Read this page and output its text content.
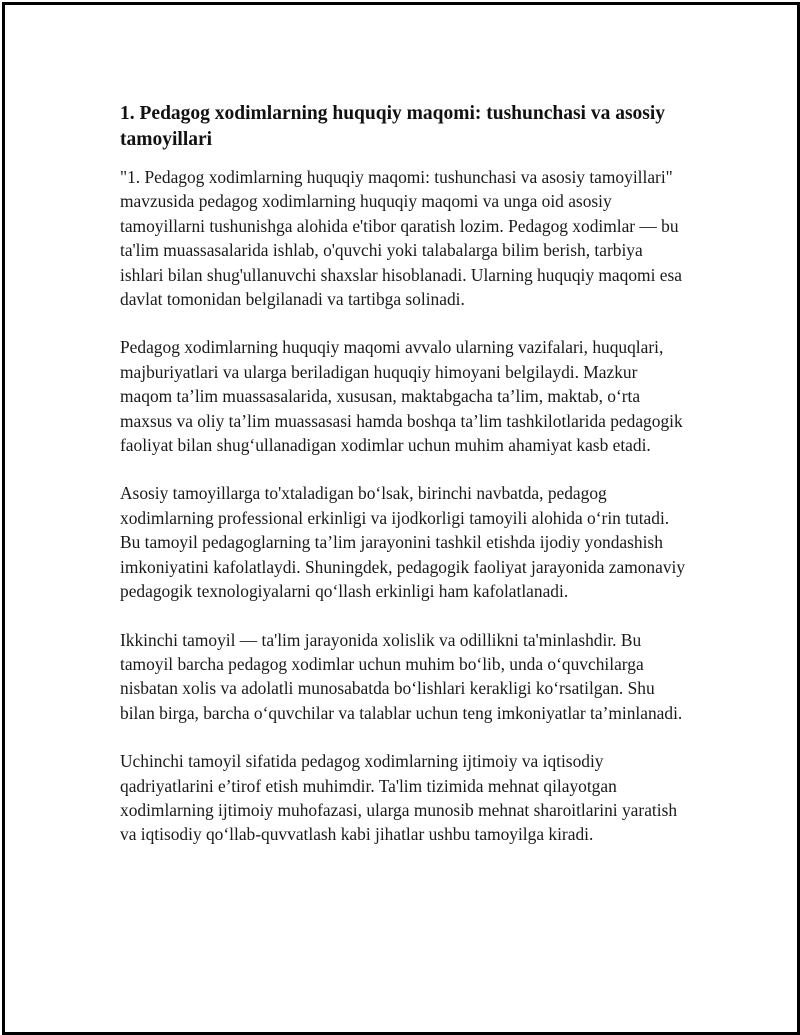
1. Pedagog xodimlarning huquqiy maqomi: tushunchasi va asosiy tamoyillari

"1. Pedagog xodimlarning huquqiy maqomi: tushunchasi va asosiy tamoyillari" mavzusida pedagog xodimlarning huquqiy maqomi va unga oid asosiy tamoyillarni tushunishga alohida e'tibor qaratish lozim. Pedagog xodimlar — bu ta'lim muassasalarida ishlab, o'quvchi yoki talabalarga bilim berish, tarbiya ishlari bilan shug'ullanuvchi shaxslar hisoblanadi. Ularning huquqiy maqomi esa davlat tomonidan belgilanadi va tartibga solinadi.

Pedagog xodimlarning huquqiy maqomi avvalo ularning vazifalari, huquqlari, majburiyatlari va ularga beriladigan huquqiy himoyani belgilaydi. Mazkur maqom ta’lim muassasalarida, xususan, maktabgacha ta’lim, maktab, o‘rta maxsus va oliy ta’lim muassasasi hamda boshqa ta’lim tashkilotlarida pedagogik faoliyat bilan shug‘ullanadigan xodimlar uchun muhim ahamiyat kasb etadi.

Asosiy tamoyillarga to'xtaladigan bo‘lsak, birinchi navbatda, pedagog xodimlarning professional erkinligi va ijodkorligi tamoyili alohida o‘rin tutadi. Bu tamoyil pedagoglarning ta’lim jarayonini tashkil etishda ijodiy yondashish imkoniyatini kafolatlaydi. Shuningdek, pedagogik faoliyat jarayonida zamonaviy pedagogik texnologiyalarni qo‘llash erkinligi ham kafolatlanadi.

Ikkinchi tamoyil — ta'lim jarayonida xolislik va odillikni ta'minlashdir. Bu tamoyil barcha pedagog xodimlar uchun muhim bo‘lib, unda o‘quvchilarga nisbatan xolis va adolatli munosabatda bo‘lishlari kerakligi ko‘rsatilgan. Shu bilan birga, barcha o‘quvchilar va talablar uchun teng imkoniyatlar ta’minlanadi.

Uchinchi tamoyil sifatida pedagog xodimlarning ijtimoiy va iqtisodiy qadriyatlarini e’tirof etish muhimdir. Ta'lim tizimida mehnat qilayotgan xodimlarning ijtimoiy muhofazasi, ularga munosib mehnat sharoitlarini yaratish va iqtisodiy qo‘llab-quvvatlash kabi jihatlar ushbu tamoyilga kiradi.
